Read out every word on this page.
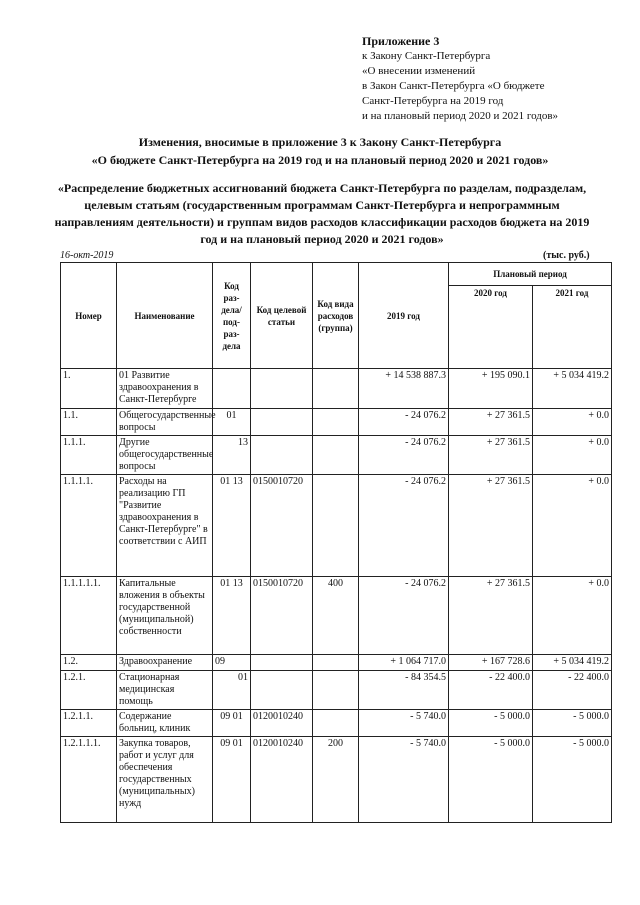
Приложение 3
к Закону Санкт-Петербурга
«О внесении изменений
в Закон Санкт-Петербурга «О бюджете
Санкт-Петербурга на 2019 год
и на плановый период 2020 и 2021 годов»
Изменения, вносимые в приложение 3 к Закону Санкт-Петербурга
«О бюджете Санкт-Петербурга на 2019 год и на плановый период 2020 и 2021 годов»
«Распределение бюджетных ассигнований бюджета Санкт-Петербурга по разделам, подразделам, целевым статьям (государственным программам Санкт-Петербурга и непрограммным направлениям деятельности) и группам видов расходов классификации расходов бюджета на 2019 год и на плановый период 2020 и 2021 годов»
16-окт-2019	(тыс. руб.)
Номер	Наименование	Код раз- дела/ под- раз- дела	Код целевой статьи	Код вида расходов (группа)	2019 год	Плановый период	
						2020 год	2021 год
1.	01 Развитие здравоохранения в Санкт-Петербурге				+ 14 538 887.3	+ 195 090.1	+ 5 034 419.2
1.1.	Общегосударственные вопросы	01			- 24 076.2	+ 27 361.5	+ 0.0
1.1.1.	Другие общегосударственные вопросы	13			- 24 076.2	+ 27 361.5	+ 0.0
1.1.1.1.	Расходы на реализацию ГП "Развитие здравоохранения в Санкт-Петербурге" в соответствии с АИП	01 13	0150010720		- 24 076.2	+ 27 361.5	+ 0.0
1.1.1.1.1.	Капитальные вложения в объекты государственной (муниципальной) собственности	01 13	0150010720	400	- 24 076.2	+ 27 361.5	+ 0.0
1.2.	Здравоохранение	09			+ 1 064 717.0	+ 167 728.6	+ 5 034 419.2
1.2.1.	Стационарная медицинская помощь	01			- 84 354.5	- 22 400.0	- 22 400.0
1.2.1.1.	Содержание больниц, клиник	09 01	0120010240		- 5 740.0	- 5 000.0	- 5 000.0
1.2.1.1.1.	Закупка товаров, работ и услуг для обеспечения государственных (муниципальных) нужд	09 01	0120010240	200	- 5 740.0	- 5 000.0	- 5 000.0
